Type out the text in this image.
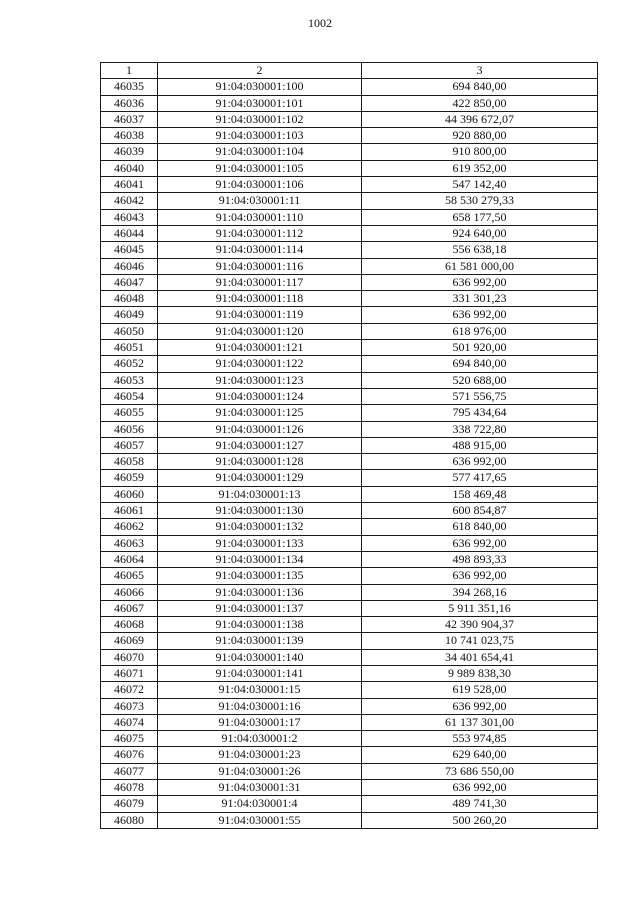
1002
1	2	3
46035	91:04:030001:100	694 840,00
46036	91:04:030001:101	422 850,00
46037	91:04:030001:102	44 396 672,07
46038	91:04:030001:103	920 880,00
46039	91:04:030001:104	910 800,00
46040	91:04:030001:105	619 352,00
46041	91:04:030001:106	547 142,40
46042	91:04:030001:11	58 530 279,33
46043	91:04:030001:110	658 177,50
46044	91:04:030001:112	924 640,00
46045	91:04:030001:114	556 638,18
46046	91:04:030001:116	61 581 000,00
46047	91:04:030001:117	636 992,00
46048	91:04:030001:118	331 301,23
46049	91:04:030001:119	636 992,00
46050	91:04:030001:120	618 976,00
46051	91:04:030001:121	501 920,00
46052	91:04:030001:122	694 840,00
46053	91:04:030001:123	520 688,00
46054	91:04:030001:124	571 556,75
46055	91:04:030001:125	795 434,64
46056	91:04:030001:126	338 722,80
46057	91:04:030001:127	488 915,00
46058	91:04:030001:128	636 992,00
46059	91:04:030001:129	577 417,65
46060	91:04:030001:13	158 469,48
46061	91:04:030001:130	600 854,87
46062	91:04:030001:132	618 840,00
46063	91:04:030001:133	636 992,00
46064	91:04:030001:134	498 893,33
46065	91:04:030001:135	636 992,00
46066	91:04:030001:136	394 268,16
46067	91:04:030001:137	5 911 351,16
46068	91:04:030001:138	42 390 904,37
46069	91:04:030001:139	10 741 023,75
46070	91:04:030001:140	34 401 654,41
46071	91:04:030001:141	9 989 838,30
46072	91:04:030001:15	619 528,00
46073	91:04:030001:16	636 992,00
46074	91:04:030001:17	61 137 301,00
46075	91:04:030001:2	553 974,85
46076	91:04:030001:23	629 640,00
46077	91:04:030001:26	73 686 550,00
46078	91:04:030001:31	636 992,00
46079	91:04:030001:4	489 741,30
46080	91:04:030001:55	500 260,20
